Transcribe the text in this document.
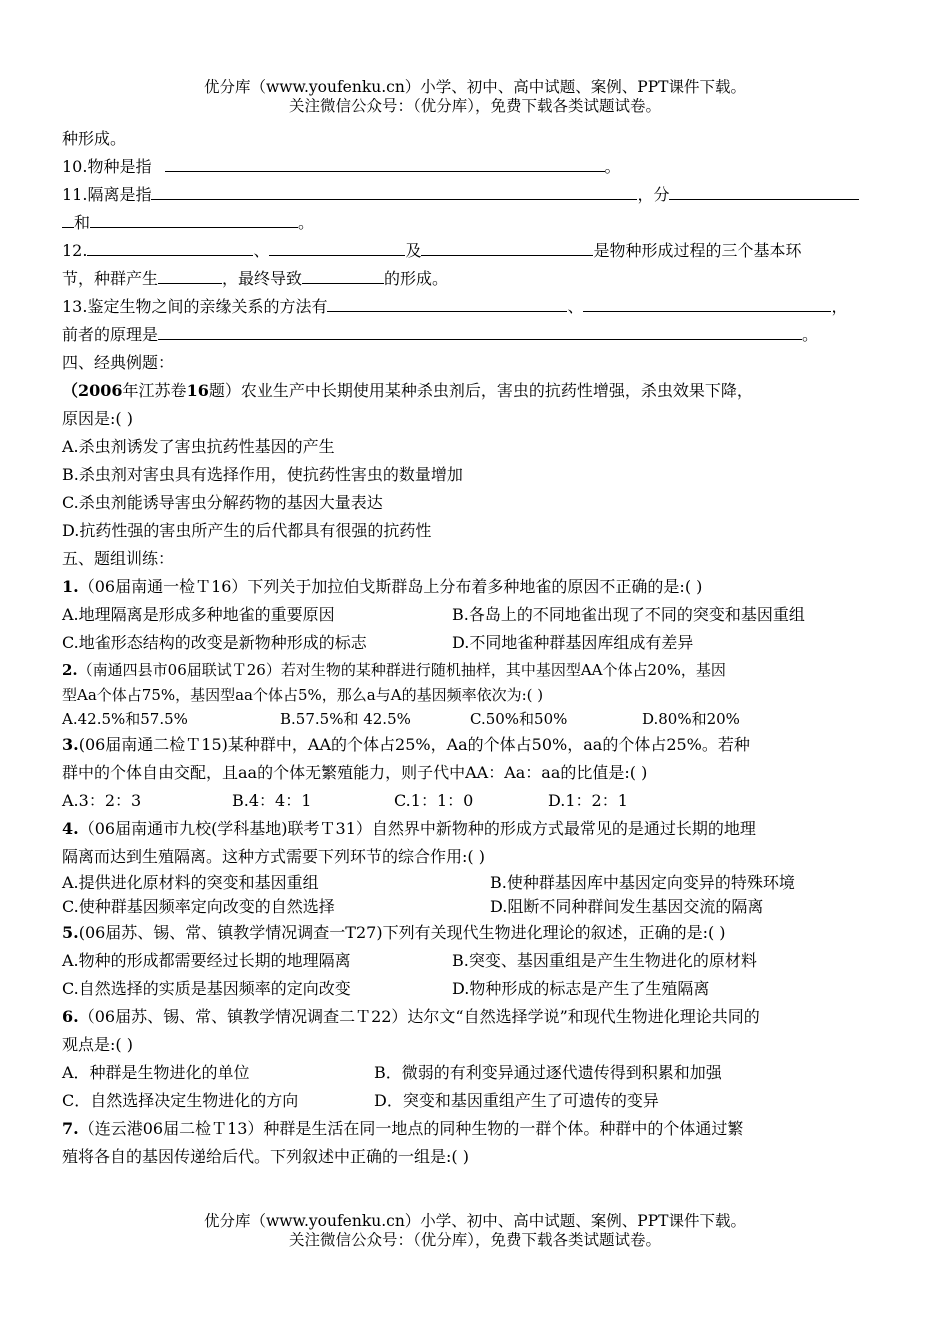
优分库（www.youfenku.cn）小学、初中、高中试题、案例、PPT课件下载。
关注微信公众号：（优分库），免费下载各类试题试卷。
种形成。
10.物种是指	。
11.隔离是指	，分
和	。
12.	、	及	是物种形成过程的三个基本环
节，种群产生	，最终导致	的形成。
13.鉴定生物之间的亲缘关系的方法有	、	，
前者的原理是	。
四、经典例题：
（2006年江苏卷16题）农业生产中长期使用某种杀虫剂后，害虫的抗药性增强，杀虫效果下降，
原因是:( )
A.杀虫剂诱发了害虫抗药性基因的产生
B.杀虫剂对害虫具有选择作用，使抗药性害虫的数量增加
C.杀虫剂能诱导害虫分解药物的基因大量表达
D.抗药性强的害虫所产生的后代都具有很强的抗药性
五、题组训练：
1.（06届南通一检Ｔ16）下列关于加拉伯戈斯群岛上分布着多种地雀的原因不正确的是:( )
A.地理隔离是形成多种地雀的重要原因	B.各岛上的不同地雀出现了不同的突变和基因重组
C.地雀形态结构的改变是新物种形成的标志	D.不同地雀种群基因库组成有差异
2.（南通四县市06届联试Ｔ26）若对生物的某种群进行随机抽样，其中基因型AA个体占20%，基因
型Aa个体占75%，基因型aa个体占5%，那么a与A的基因频率依次为:( )
A.42.5%和57.5%	B.57.5%和 42.5%	C.50%和50%	D.80%和20%
3.(06届南通二检Ｔ15)某种群中，AA的个体占25%，Aa的个体占50%，aa的个体占25%。若种
群中的个体自由交配，且aa的个体无繁殖能力，则子代中AA：Aa：aa的比值是:( )
A.3：2：3	B.4：4：1	C.1：1：0	D.1：2：1
4.（06届南通市九校(学科基地)联考Ｔ31）自然界中新物种的形成方式最常见的是通过长期的地理
隔离而达到生殖隔离。这种方式需要下列环节的综合作用:( )
A.提供进化原材料的突变和基因重组	B.使种群基因库中基因定向变异的特殊环境
C.使种群基因频率定向改变的自然选择	D.阻断不同种群间发生基因交流的隔离
5.(06届苏、锡、常、镇教学情况调查一T27)下列有关现代生物进化理论的叙述，正确的是:( )
A.物种的形成都需要经过长期的地理隔离	B.突变、基因重组是产生生物进化的原材料
C.自然选择的实质是基因频率的定向改变	D.物种形成的标志是产生了生殖隔离
6.（06届苏、锡、常、镇教学情况调查二Ｔ22）达尔文“自然选择学说”和现代生物进化理论共同的
观点是:( )
A．种群是生物进化的单位	B．微弱的有利变异通过逐代遗传得到积累和加强
C．自然选择决定生物进化的方向	D．突变和基因重组产生了可遗传的变异
7.（连云港06届二检Ｔ13）种群是生活在同一地点的同种生物的一群个体。种群中的个体通过繁
殖将各自的基因传递给后代。下列叙述中正确的一组是:( )
优分库（www.youfenku.cn）小学、初中、高中试题、案例、PPT课件下载。
关注微信公众号：（优分库），免费下载各类试题试卷。
